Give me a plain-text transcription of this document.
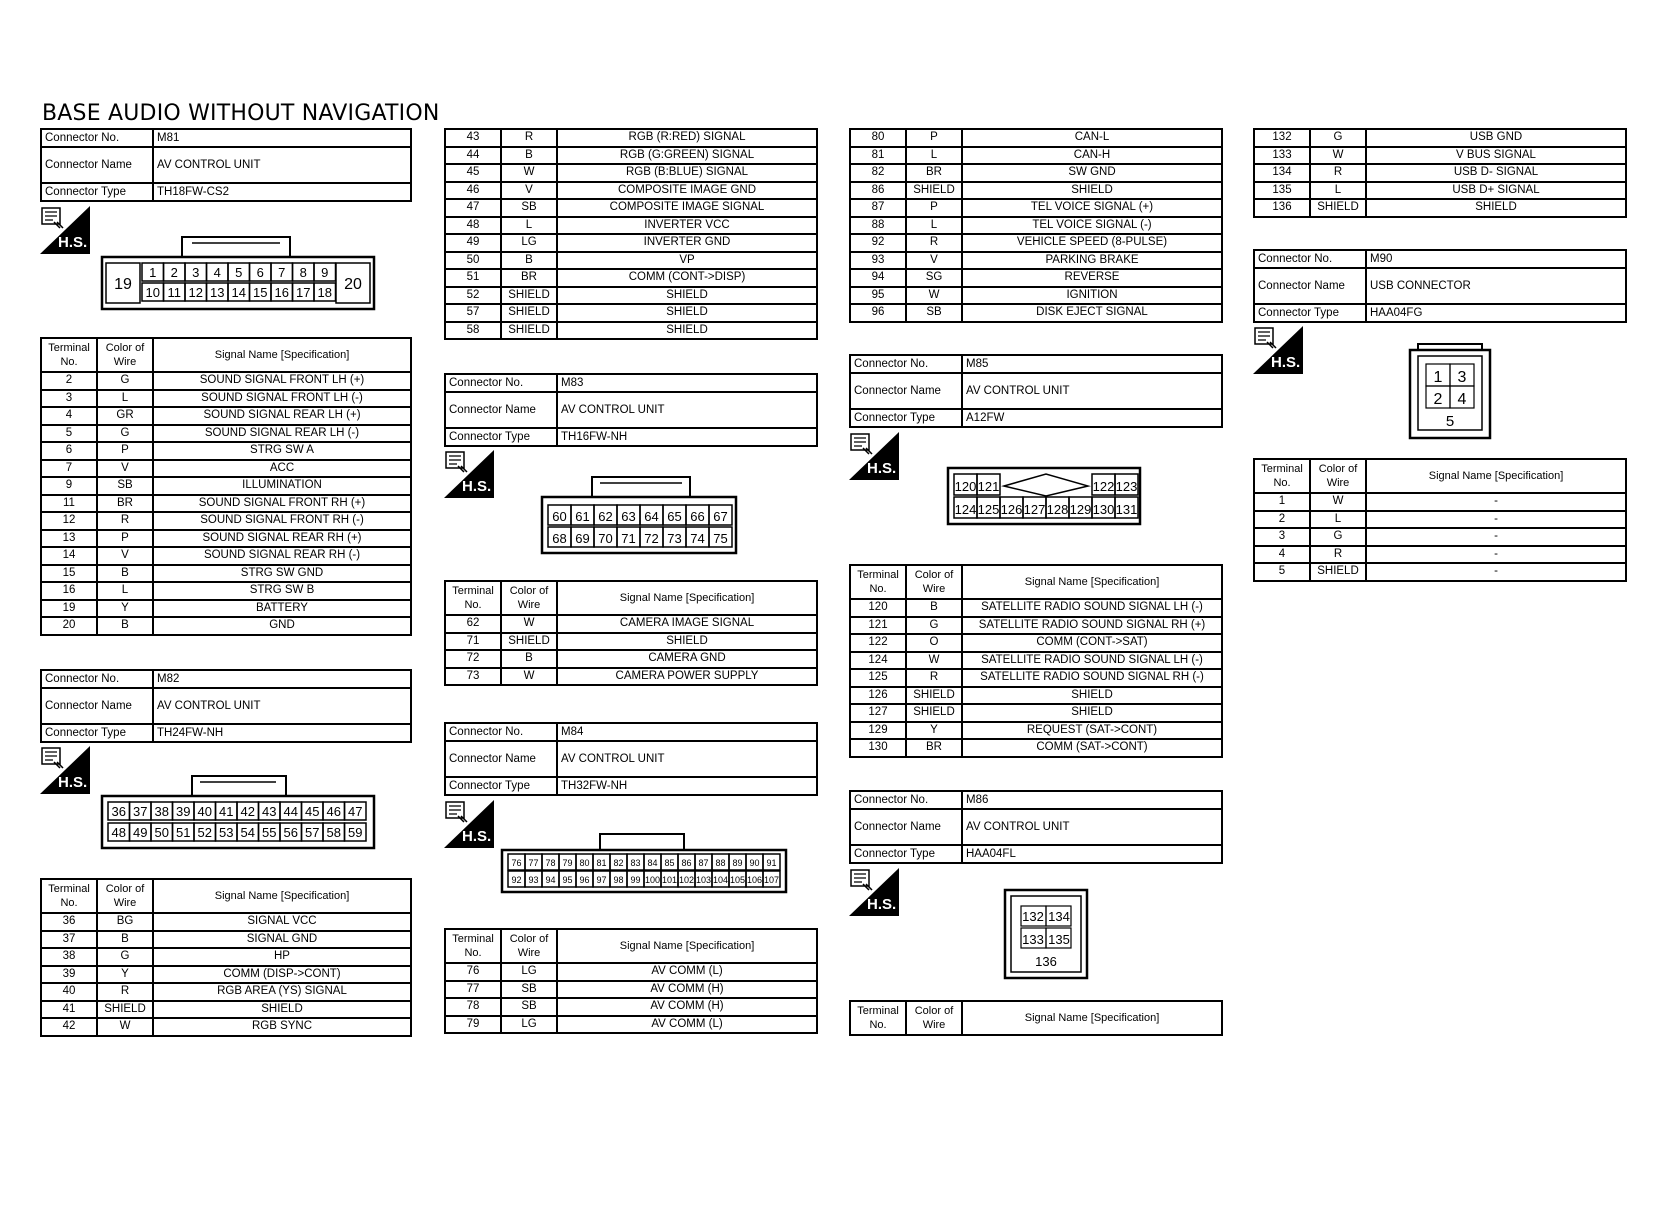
BASE AUDIO WITHOUT NAVIGATION
Connector No.	M81
Connector Name	AV CONTROL UNIT
Connector Type	TH18FW-CS2
H.S.
19	20
1 2 3 4 5 6 7 8 9
10 11 12 13 14 15 16 17 18
Terminal No.	Color of Wire	Signal Name [Specification]
2	G	SOUND SIGNAL FRONT LH (+)
3	L	SOUND SIGNAL FRONT LH (-)
4	GR	SOUND SIGNAL REAR LH (+)
5	G	SOUND SIGNAL REAR LH (-)
6	P	STRG SW A
7	V	ACC
9	SB	ILLUMINATION
11	BR	SOUND SIGNAL FRONT RH (+)
12	R	SOUND SIGNAL FRONT RH (-)
13	P	SOUND SIGNAL REAR RH (+)
14	V	SOUND SIGNAL REAR RH (-)
15	B	STRG SW GND
16	L	STRG SW B
19	Y	BATTERY
20	B	GND
Connector No.	M82
Connector Name	AV CONTROL UNIT
Connector Type	TH24FW-NH
H.S.
36 37 38 39 40 41 42 43 44 45 46 47
48 49 50 51 52 53 54 55 56 57 58 59
Terminal No.	Color of Wire	Signal Name [Specification]
36	BG	SIGNAL VCC
37	B	SIGNAL GND
38	G	HP
39	Y	COMM (DISP->CONT)
40	R	RGB AREA (YS) SIGNAL
41	SHIELD	SHIELD
42	W	RGB SYNC
43	R	RGB (R:RED) SIGNAL
44	B	RGB (G:GREEN) SIGNAL
45	W	RGB (B:BLUE) SIGNAL
46	V	COMPOSITE IMAGE GND
47	SB	COMPOSITE IMAGE SIGNAL
48	L	INVERTER VCC
49	LG	INVERTER GND
50	B	VP
51	BR	COMM (CONT->DISP)
52	SHIELD	SHIELD
57	SHIELD	SHIELD
58	SHIELD	SHIELD
Connector No.	M83
Connector Name	AV CONTROL UNIT
Connector Type	TH16FW-NH
H.S.
60 61 62 63 64 65 66 67
68 69 70 71 72 73 74 75
Terminal No.	Color of Wire	Signal Name [Specification]
62	W	CAMERA IMAGE SIGNAL
71	SHIELD	SHIELD
72	B	CAMERA GND
73	W	CAMERA POWER SUPPLY
Connector No.	M84
Connector Name	AV CONTROL UNIT
Connector Type	TH32FW-NH
H.S.
76 77 78 79 80 81 82 83 84 85 86 87 88 89 90 91
92 93 94 95 96 97 98 99 100 101 102 103 104 105 106 107
Terminal No.	Color of Wire	Signal Name [Specification]
76	LG	AV COMM (L)
77	SB	AV COMM (H)
78	SB	AV COMM (H)
79	LG	AV COMM (L)
80	P	CAN-L
81	L	CAN-H
82	BR	SW GND
86	SHIELD	SHIELD
87	P	TEL VOICE SIGNAL (+)
88	L	TEL VOICE SIGNAL (-)
92	R	VEHICLE SPEED (8-PULSE)
93	V	PARKING BRAKE
94	SG	REVERSE
95	W	IGNITION
96	SB	DISK EJECT SIGNAL
Connector No.	M85
Connector Name	AV CONTROL UNIT
Connector Type	A12FW
H.S.
120 121	122 123
124 125 126 127 128 129 130 131
Terminal No.	Color of Wire	Signal Name [Specification]
120	B	SATELLITE RADIO SOUND SIGNAL LH (-)
121	G	SATELLITE RADIO SOUND SIGNAL RH (+)
122	O	COMM (CONT->SAT)
124	W	SATELLITE RADIO SOUND SIGNAL LH (-)
125	R	SATELLITE RADIO SOUND SIGNAL RH (-)
126	SHIELD	SHIELD
127	SHIELD	SHIELD
129	Y	REQUEST (SAT->CONT)
130	BR	COMM (SAT->CONT)
Connector No.	M86
Connector Name	AV CONTROL UNIT
Connector Type	HAA04FL
H.S.
132 134
133 135
136
Terminal No.	Color of Wire	Signal Name [Specification]
132	G	USB GND
133	W	V BUS SIGNAL
134	R	USB D- SIGNAL
135	L	USB D+ SIGNAL
136	SHIELD	SHIELD
Connector No.	M90
Connector Name	USB CONNECTOR
Connector Type	HAA04FG
H.S.
1 3
2 4
5
Terminal No.	Color of Wire	Signal Name [Specification]
1	W	-
2	L	-
3	G	-
4	R	-
5	SHIELD	-
